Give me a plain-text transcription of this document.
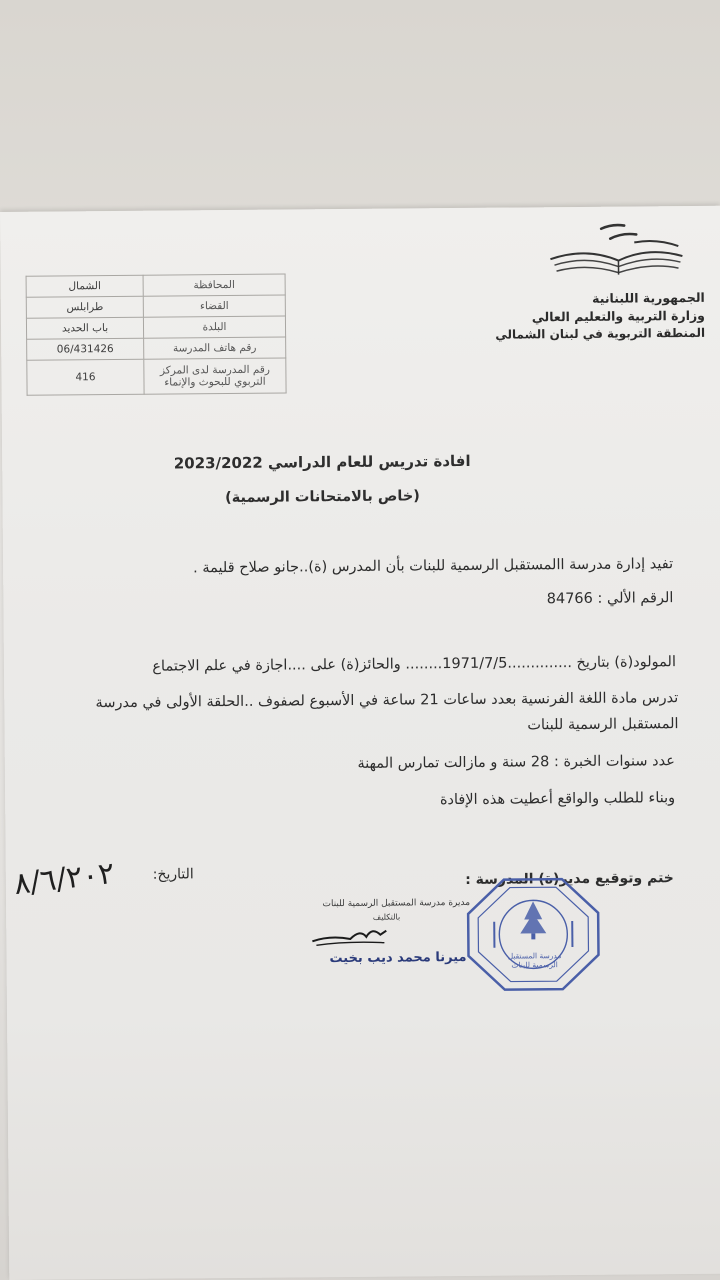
الجمهورية اللبنانية
وزارة التربية والتعليم العالي
المنطقة التربوية في لبنان الشمالي
المحافظة	الشمال
القضاء	طرابلس
البلدة	باب الحديد
رقم هاتف المدرسة	06/431426
رقم المدرسة لدى المركز التربوي للبحوث والإنماء	416
افادة تدريس للعام الدراسي 2023/2022
(خاص بالامتحانات الرسمية)
تفيد إدارة مدرسة االمستقبل الرسمية للبنات بأن المدرس (ة)..جانو صلاح قليمة .
الرقم الألي : 84766
المولود(ة) بتاريخ ..............1971/7/5........ والحائز(ة) على ....اجازة في علم الاجتماع
تدرس مادة اللغة الفرنسية بعدد ساعات 21 ساعة في الأسبوع لصفوف ..الحلقة الأولى في مدرسة
المستقبل الرسمية للبنات
عدد سنوات الخبرة : 28 سنة و مازالت تمارس المهنة
وبناء للطلب والواقع أعطيت هذه الإفادة
ختم وتوقيع مدير(ة) المدرسة :
التاريخ:
٨/٦/٢٠٢
مديرة مدرسة المستقبل الرسمية للبنات
بالتكليف
ميرنا محمد ديب بخيت	مدرسة المستقبل الرسمية للبنات
